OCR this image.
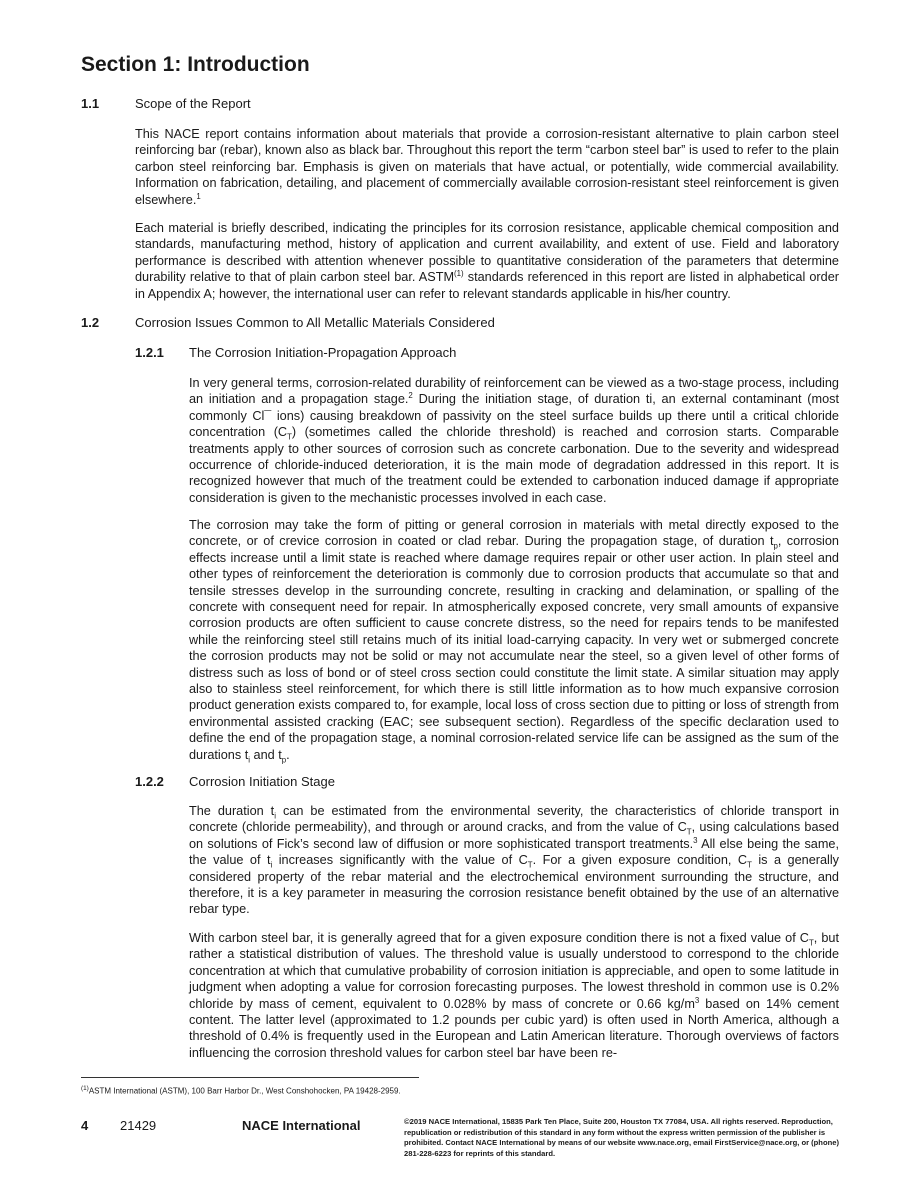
Section 1: Introduction
1.1	Scope of the Report

This NACE report contains information about materials that provide a corrosion-resistant alternative to plain carbon steel reinforcing bar (rebar), known also as black bar. Throughout this report the term “carbon steel bar” is used to refer to the plain carbon steel reinforcing bar. Emphasis is given on materials that have actual, or potentially, wide commercial availability. Information on fabrication, detailing, and placement of commercially available corrosion-resistant steel reinforcement is given elsewhere.$^1$

Each material is briefly described, indicating the principles for its corrosion resistance, applicable chemical composition and standards, manufacturing method, history of application and current availability, and extent of use. Field and laboratory performance is described with attention whenever possible to quantitative consideration of the parameters that determine durability relative to that of plain carbon steel bar. ASTM$^{(1)}$ standards referenced in this report are listed in alphabetical order in Appendix A; however, the international user can refer to relevant standards applicable in his/her country.

1.2	Corrosion Issues Common to All Metallic Materials Considered
1.2.1 The Corrosion Initiation-Propagation Approach

In very general terms, corrosion-related durability of reinforcement can be viewed as a two-stage process, including an initiation and a propagation stage.$^2$ During the initiation stage, of duration ti, an external contaminant (most commonly Cl¯ ions) causing breakdown of passivity on the steel surface builds up there until a critical chloride concentration $(C_T)$ (sometimes called the chloride threshold) is reached and corrosion starts. Comparable treatments apply to other sources of corrosion such as concrete carbonation. Due to the severity and widespread occurrence of chloride-induced deterioration, it is the main mode of degradation addressed in this report. It is recognized however that much of the treatment could be extended to carbonation induced damage if appropriate consideration is given to the mechanistic processes involved in each case.

The corrosion may take the form of pitting or general corrosion in materials with metal directly exposed to the concrete, or of crevice corrosion in coated or clad rebar. During the propagation stage, of duration $t_p$, corrosion effects increase until a limit state is reached where damage requires repair or other user action. In plain steel and other types of reinforcement the deterioration is commonly due to corrosion products that accumulate so that and tensile stresses develop in the surrounding concrete, resulting in cracking and delamination, or spalling of the concrete with consequent need for repair. In atmospherically exposed concrete, very small amounts of expansive corrosion products are often sufficient to cause concrete distress, so the need for repairs tends to be manifested while the reinforcing steel still retains much of its initial load-carrying capacity. In very wet or submerged concrete the corrosion products may not be solid or may not accumulate near the steel, so a given level of other forms of distress such as loss of bond or of steel cross section could constitute the limit state. A similar situation may apply also to stainless steel reinforcement, for which there is still little information as to how much expansive corrosion product generation exists compared to, for example, local loss of cross section due to pitting or loss of strength from environmental assisted cracking (EAC; see subsequent section). Regardless of the specific declaration used to define the end of the propagation stage, a nominal corrosion-related service life can be assigned as the sum of the durations $t_i$ and $t_p$.

1.2.2 Corrosion Initiation Stage

The duration $t_i$ can be estimated from the environmental severity, the characteristics of chloride transport in concrete (chloride permeability), and through or around cracks, and from the value of $C_T$, using calculations based on solutions of Fick’s second law of diffusion or more sophisticated transport treatments.$^3$ All else being the same, the value of $t_i$ increases significantly with the value of $C_T$. For a given exposure condition, $C_T$ is a generally considered property of the rebar material and the electrochemical environment surrounding the structure, and therefore, it is a key parameter in measuring the corrosion resistance benefit obtained by the use of an alternative rebar type.

With carbon steel bar, it is generally agreed that for a given exposure condition there is not a fixed value of $C_T$, but rather a statistical distribution of values. The threshold value is usually understood to correspond to the chloride concentration at which that cumulative probability of corrosion initiation is appreciable, and open to some latitude in judgment when adopting a value for corrosion forecasting purposes. The lowest threshold in common use is 0.2% chloride by mass of cement, equivalent to 0.028% by mass of concrete or 0.66 $kg/m^3$ based on 14% cement content. The latter level (approximated to 1.2 pounds per cubic yard) is often used in North America, although a threshold of 0.4% is frequently used in the European and Latin American literature. Thorough overviews of factors influencing the corrosion threshold values for carbon steel bar have been re-

$^{(1)}$ASTM International (ASTM), 100 Barr Harbor Dr., West Conshohocken, PA 19428-2959.

4 21429	NACE International	©2019 NACE International, 15835 Park Ten Place, Suite 200, Houston TX 77084, USA. All rights reserved. Reproduction, republication or redistribution of this standard in any form without the express written permission of the publisher is prohibited. Contact NACE International by means of our website www.nace.org, email FirstService@nace.org, or (phone) 281-228-6223 for reprints of this standard.
